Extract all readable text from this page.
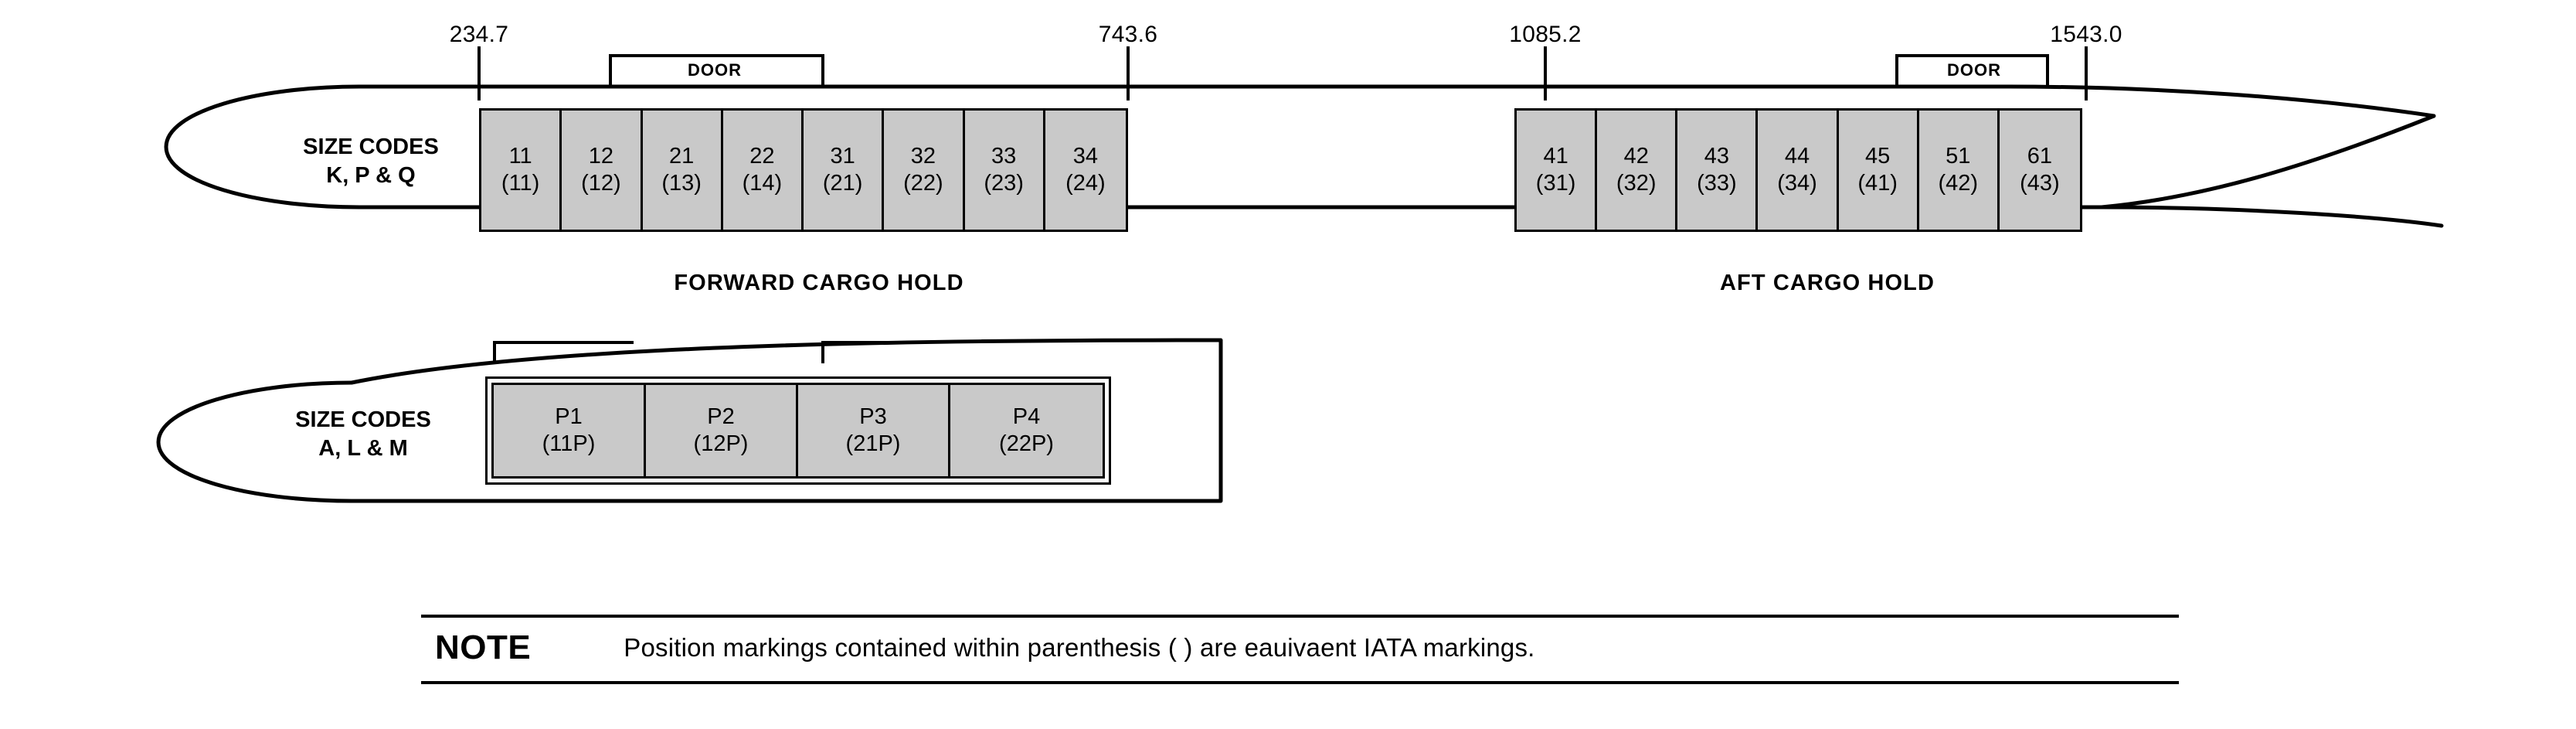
234.7	743.6	1085.2	1543.0
DOOR	DOOR
SIZE CODES
K, P & Q
11
(11)
12
(12)
21
(13)
22
(14)
31
(21)
32
(22)
33
(23)
34
(24)
FORWARD CARGO HOLD
41
(31)
42
(32)
43
(33)
44
(34)
45
(41)
51
(42)
61
(43)
AFT CARGO HOLD
SIZE CODES
A, L & M
P1
(11P)
P2
(12P)
P3
(21P)
P4
(22P)
NOTE	Position markings contained within parenthesis ( ) are eauivaent IATA markings.
